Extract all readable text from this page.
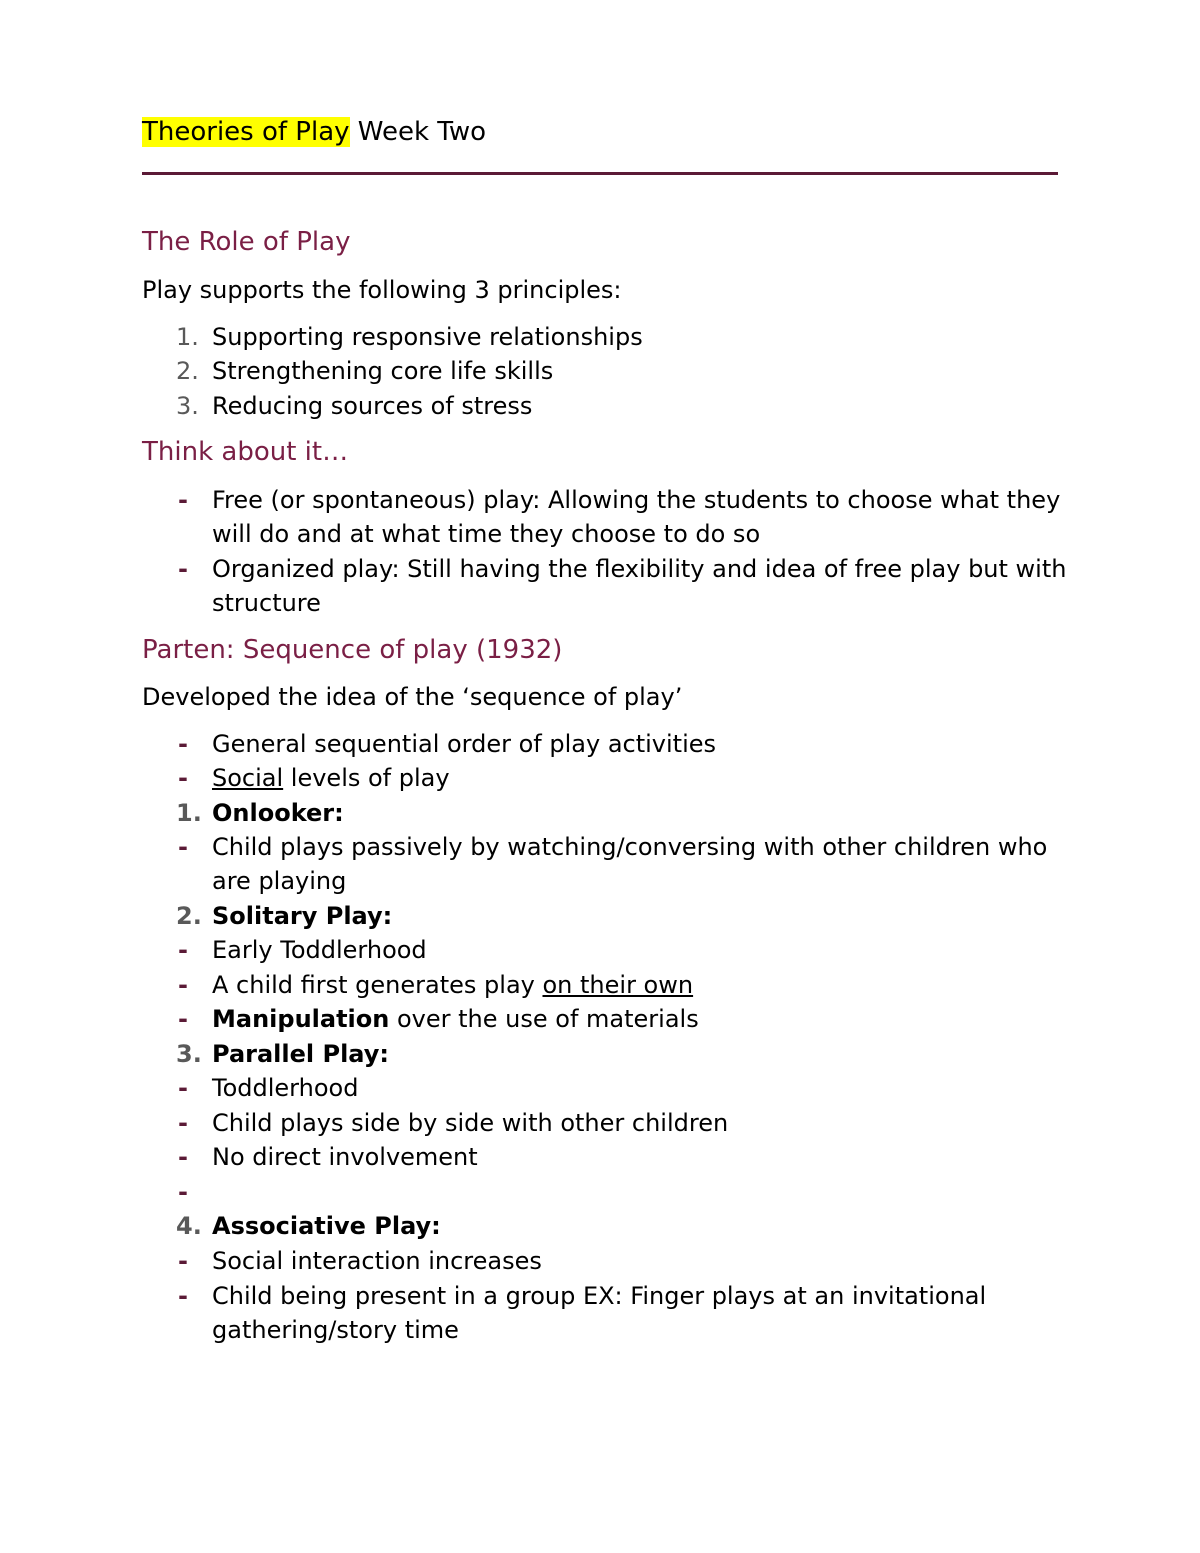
Theories of Play Week Two
The Role of Play
Play supports the following 3 principles:
1. Supporting responsive relationships
2. Strengthening core life skills
3. Reducing sources of stress
Think about it…
-	Free (or spontaneous) play: Allowing the students to choose what they will do and at what time they choose to do so
-	Organized play: Still having the flexibility and idea of free play but with structure
Parten: Sequence of play (1932)
Developed the idea of the ‘sequence of play’
-	General sequential order of play activities
-	Social levels of play
1. Onlooker:
-	Child plays passively by watching/conversing with other children who are playing
2. Solitary Play:
-	Early Toddlerhood
-	A child first generates play on their own
-	Manipulation over the use of materials
3. Parallel Play:
-	Toddlerhood
-	Child plays side by side with other children
-	No direct involvement
-
4. Associative Play:
-	Social interaction increases
-	Child being present in a group EX: Finger plays at an invitational gathering/story time
